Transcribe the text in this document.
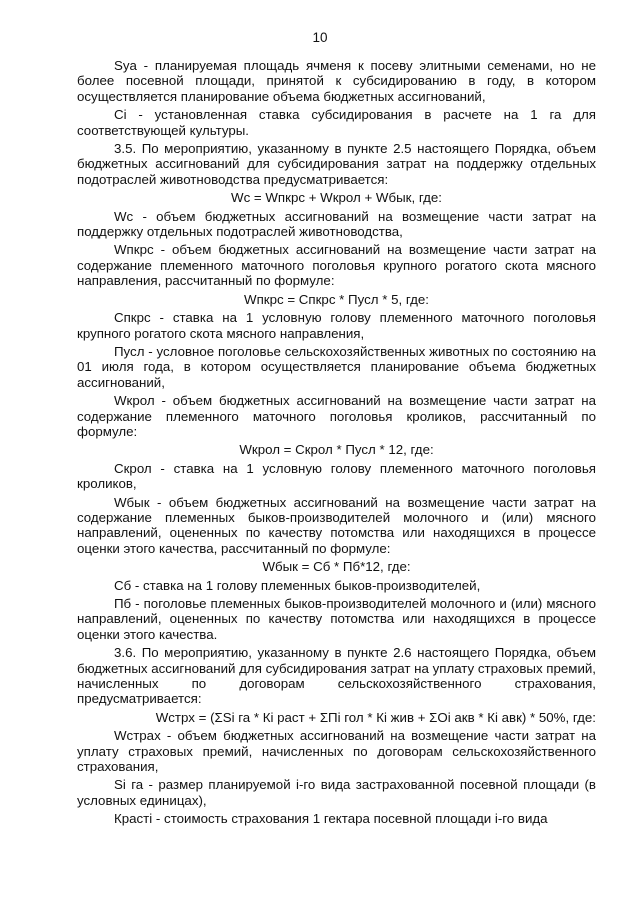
10

Sya - планируемая площадь ячменя к посеву элитными семенами, но не более посевной площади, принятой к субсидированию в году, в котором осуществляется планирование объема бюджетных ассигнований,

Ci - установленная ставка субсидирования в расчете на 1 га для соответствующей культуры.

3.5. По мероприятию, указанному в пункте 2.5 настоящего Порядка, объем бюджетных ассигнований для субсидирования затрат на поддержку отдельных подотраслей животноводства предусматривается:

Wc = Wпкрс + Wкрол + Wбык, где:

Wc - объем бюджетных ассигнований на возмещение части затрат на поддержку отдельных подотраслей животноводства,

Wпкрс - объем бюджетных ассигнований на возмещение части затрат на содержание племенного маточного поголовья крупного рогатого скота мясного направления, рассчитанный по формуле:

Wпкрс = Спкрс * Пусл * 5, где:

Спкрс - ставка на 1 условную голову племенного маточного поголовья крупного рогатого скота мясного направления,

Пусл - условное поголовье сельскохозяйственных животных по состоянию на 01 июля года, в котором осуществляется планирование объема бюджетных ассигнований,

Wкрол - объем бюджетных ассигнований на возмещение части затрат на содержание племенного маточного поголовья кроликов, рассчитанный по формуле:

Wкрол = Скрол * Пусл * 12, где:

Скрол - ставка на 1 условную голову племенного маточного поголовья кроликов,

Wбык - объем бюджетных ассигнований на возмещение части затрат на содержание племенных быков-производителей молочного и (или) мясного направлений, оцененных по качеству потомства или находящихся в процессе оценки этого качества, рассчитанный по формуле:

Wбык = Сб * Пб*12, где:

Сб - ставка на 1 голову племенных быков-производителей,

Пб - поголовье племенных быков-производителей молочного и (или) мясного направлений, оцененных по качеству потомства или находящихся в процессе оценки этого качества.

3.6. По мероприятию, указанному в пункте 2.6 настоящего Порядка, объем бюджетных ассигнований для субсидирования затрат на уплату страховых премий, начисленных по договорам сельскохозяйственного страхования, предусматривается:

Wстрх = (ΣSi га * Кi раст + ΣПi гол * Кi жив + ΣОi акв * Кi авк) * 50%, где:

Wстрах - объем бюджетных ассигнований на возмещение части затрат на уплату страховых премий, начисленных по договорам сельскохозяйственного страхования,

Si га - размер планируемой i-го вида застрахованной посевной площади (в условных единицах),

Красті - стоимость страхования 1 гектара посевной площади i-го вида
